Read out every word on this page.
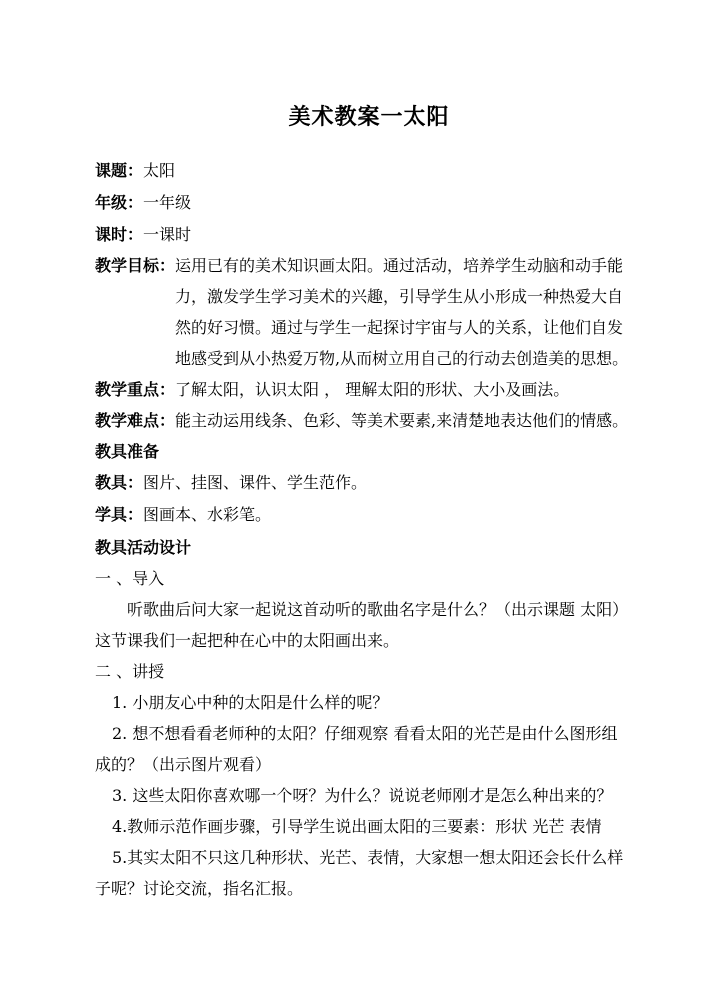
美术教案一太阳
课题：太阳
年级：一年级
课时：一课时
教学目标：运用已有的美术知识画太阳。通过活动，培养学生动脑和动手能
力，激发学生学习美术的兴趣，引导学生从小形成一种热爱大自
然的好习惯。通过与学生一起探讨宇宙与人的关系，让他们自发
地感受到从小热爱万物,从而树立用自己的行动去创造美的思想。
教学重点：了解太阳，认识太阳 ， 理解太阳的形状、大小及画法。
教学难点：能主动运用线条、色彩、等美术要素,来清楚地表达他们的情感。
教具准备
教具：图片、挂图、课件、学生范作。
学具：图画本、水彩笔。
教具活动设计
一 、导入
听歌曲后问大家一起说这首动听的歌曲名字是什么？（出示课题 太阳）
这节课我们一起把种在心中的太阳画出来。
二 、讲授
1. 小朋友心中种的太阳是什么样的呢？
2. 想不想看看老师种的太阳？仔细观察 看看太阳的光芒是由什么图形组
成的？（出示图片观看）
3. 这些太阳你喜欢哪一个呀？为什么？说说老师刚才是怎么种出来的？
4.教师示范作画步骤，引导学生说出画太阳的三要素：形状 光芒 表情
5.其实太阳不只这几种形状、光芒、表情，大家想一想太阳还会长什么样
子呢？讨论交流，指名汇报。
